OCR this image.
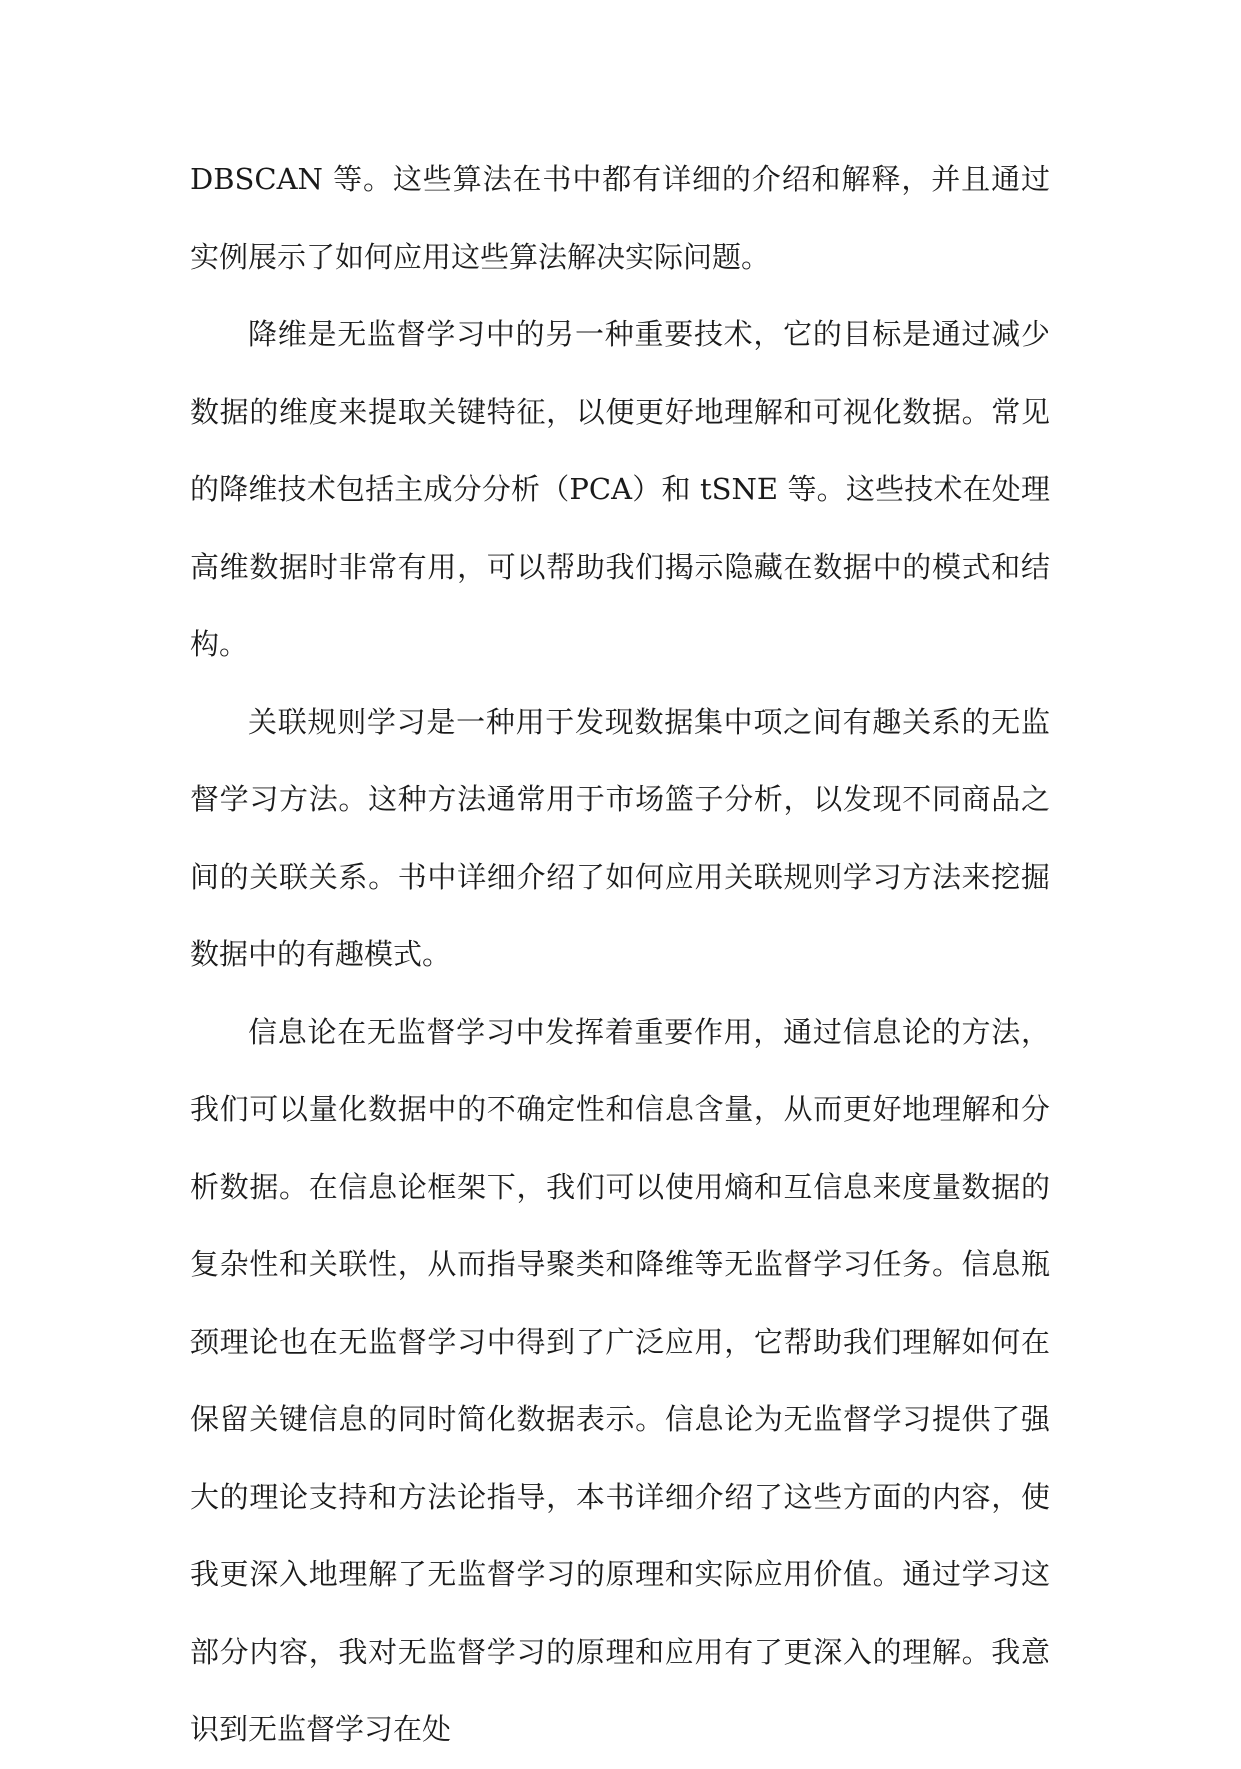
DBSCAN 等。这些算法在书中都有详细的介绍和解释，并且通过实例展示了如何应用这些算法解决实际问题。

降维是无监督学习中的另一种重要技术，它的目标是通过减少数据的维度来提取关键特征，以便更好地理解和可视化数据。常见的降维技术包括主成分分析（PCA）和 tSNE 等。这些技术在处理高维数据时非常有用，可以帮助我们揭示隐藏在数据中的模式和结构。

关联规则学习是一种用于发现数据集中项之间有趣关系的无监督学习方法。这种方法通常用于市场篮子分析，以发现不同商品之间的关联关系。书中详细介绍了如何应用关联规则学习方法来挖掘数据中的有趣模式。

信息论在无监督学习中发挥着重要作用，通过信息论的方法，我们可以量化数据中的不确定性和信息含量，从而更好地理解和分析数据。在信息论框架下，我们可以使用熵和互信息来度量数据的复杂性和关联性，从而指导聚类和降维等无监督学习任务。信息瓶颈理论也在无监督学习中得到了广泛应用，它帮助我们理解如何在保留关键信息的同时简化数据表示。信息论为无监督学习提供了强大的理论支持和方法论指导，本书详细介绍了这些方面的内容，使我更深入地理解了无监督学习的原理和实际应用价值。通过学习这部分内容，我对无监督学习的原理和应用有了更深入的理解。我意识到无监督学习在处
